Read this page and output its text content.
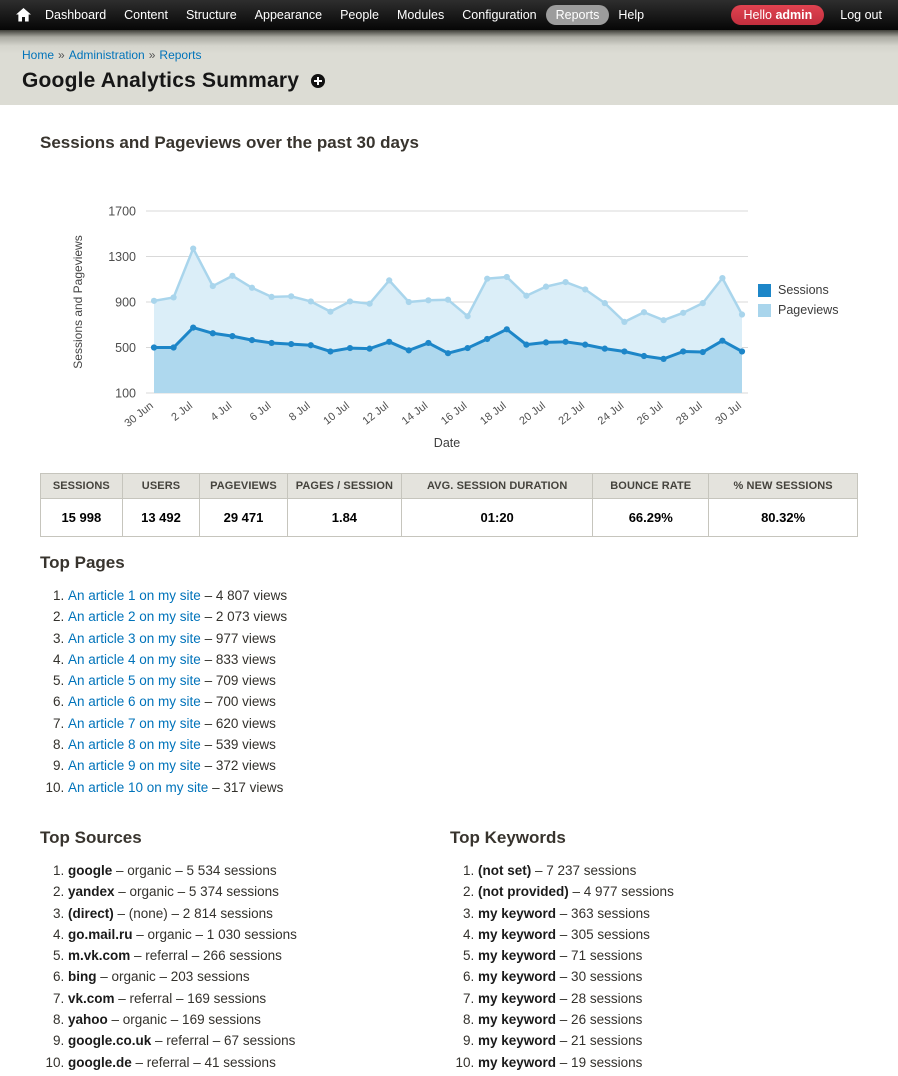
Dashboard	Content	Structure	Appearance	People	Modules	Configuration	Reports	Help	Hello admin	Log out
Home » Administration » Reports
Google Analytics Summary
Sessions and Pageviews over the past 30 days
100
500
900
1300
1700
30 Jun 2 Jul 4 Jul 6 Jul 8 Jul 10 Jul 12 Jul 14 Jul 16 Jul 18 Jul 20 Jul 22 Jul 24 Jul 26 Jul 28 Jul 30 Jul
Date
Sessions and Pageviews	Sessions
Pageviews
SESSIONS	USERS	PAGEVIEWS	PAGES / SESSION	AVG. SESSION DURATION	BOUNCE RATE	% NEW SESSIONS
15 998	13 492	29 471	1.84	01:20	66.29%	80.32%
Top Pages
1. An article 1 on my site – 4 807 views
2. An article 2 on my site – 2 073 views
3. An article 3 on my site – 977 views
4. An article 4 on my site – 833 views
5. An article 5 on my site – 709 views
6. An article 6 on my site – 700 views
7. An article 7 on my site – 620 views
8. An article 8 on my site – 539 views
9. An article 9 on my site – 372 views
10. An article 10 on my site – 317 views
Top Sources
1. google – organic – 5 534 sessions
2. yandex – organic – 5 374 sessions
3. (direct) – (none) – 2 814 sessions
4. go.mail.ru – organic – 1 030 sessions
5. m.vk.com – referral – 266 sessions
6. bing – organic – 203 sessions
7. vk.com – referral – 169 sessions
8. yahoo – organic – 169 sessions
9. google.co.uk – referral – 67 sessions
10. google.de – referral – 41 sessions
Top Keywords
1. (not set) – 7 237 sessions
2. (not provided) – 4 977 sessions
3. my keyword – 363 sessions
4. my keyword – 305 sessions
5. my keyword – 71 sessions
6. my keyword – 30 sessions
7. my keyword – 28 sessions
8. my keyword – 26 sessions
9. my keyword – 21 sessions
10. my keyword – 19 sessions
